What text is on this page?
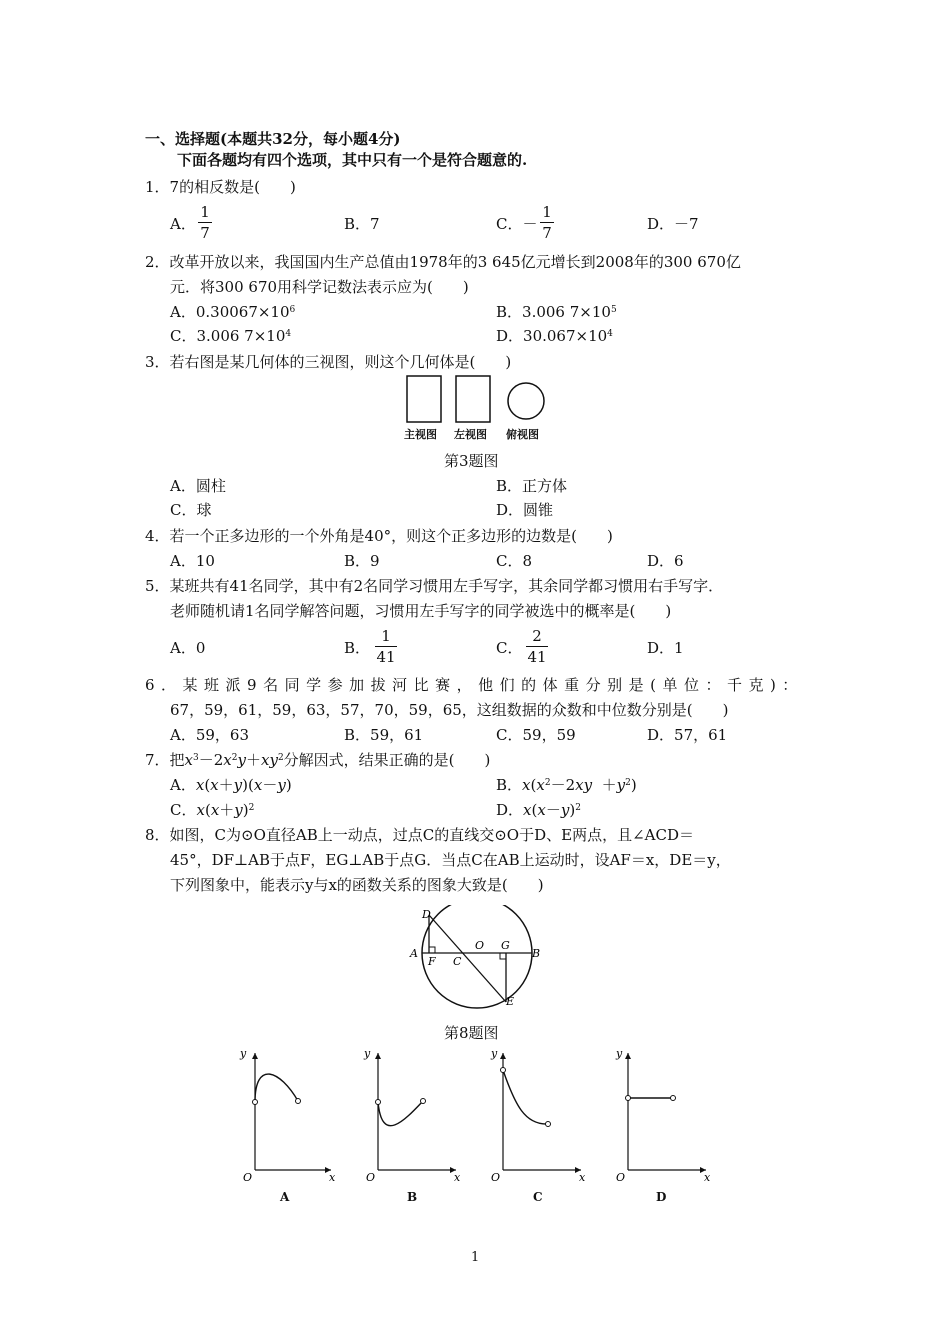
一、选择题(本题共32分，每小题4分)
下面各题均有四个选项，其中只有一个是符合题意的.
1．7的相反数是(　　)
A．
1
7	B．7	C．－
1
7	D．－7
2．改革开放以来，我国国内生产总值由1978年的3 645亿元增长到2008年的300 670亿
元．将300 670用科学记数法表示应为(　　)
A．$0.30067\times 10^6$	B．3.006 $7\times 10^5$
C．3.006 $7\times 10^4$	D．$30.067\times 10^4$
3．若右图是某几何体的三视图，则这个几何体是(　　)
主视图 左视图 俯视图
第3题图
A．圆柱	B．正方体
C．球	D．圆锥
4．若一个正多边形的一个外角是40°，则这个正多边形的边数是(　　)
A．10	B．9	C．8	D．6
5．某班共有41名同学，其中有2名同学习惯用左手写字，其余同学都习惯用右手写字．
老师随机请1名同学解答问题，习惯用左手写字的同学被选中的概率是(　　)
A．0	B．
1
41	C．
2
41	D．1
6．某班派9名同学参加拔河比赛，他们的体重分别是(单位：千克)：
67，59，61，59，63，57，70，59，65，这组数据的众数和中位数分别是(　　)
A．59，63	B．59，61	C．59，59	D．57，61
7．把$x^3-2x^2y+xy^2$分解因式，结果正确的是(　　)
A．x(x＋y)(x－y)	B．$x(x^2-2xy +y^2)$
C．$x(x+y)^2$	D．$x(x-y)^2$
8．如图，C为⊙O直径AB上一动点，过点C的直线交⊙O于D、E两点，且∠ACD＝
45°，DF⊥AB于点F，EG⊥AB于点G．当点C在AB上运动时，设AF＝x，DE＝y，
下列图象中，能表示y与x的函数关系的图象大致是(　　)
D
A
F C
O G
B
E
第8题图
y
O	x
A
y
O	x
B
y
O	x
C
y
O	x
D
1
